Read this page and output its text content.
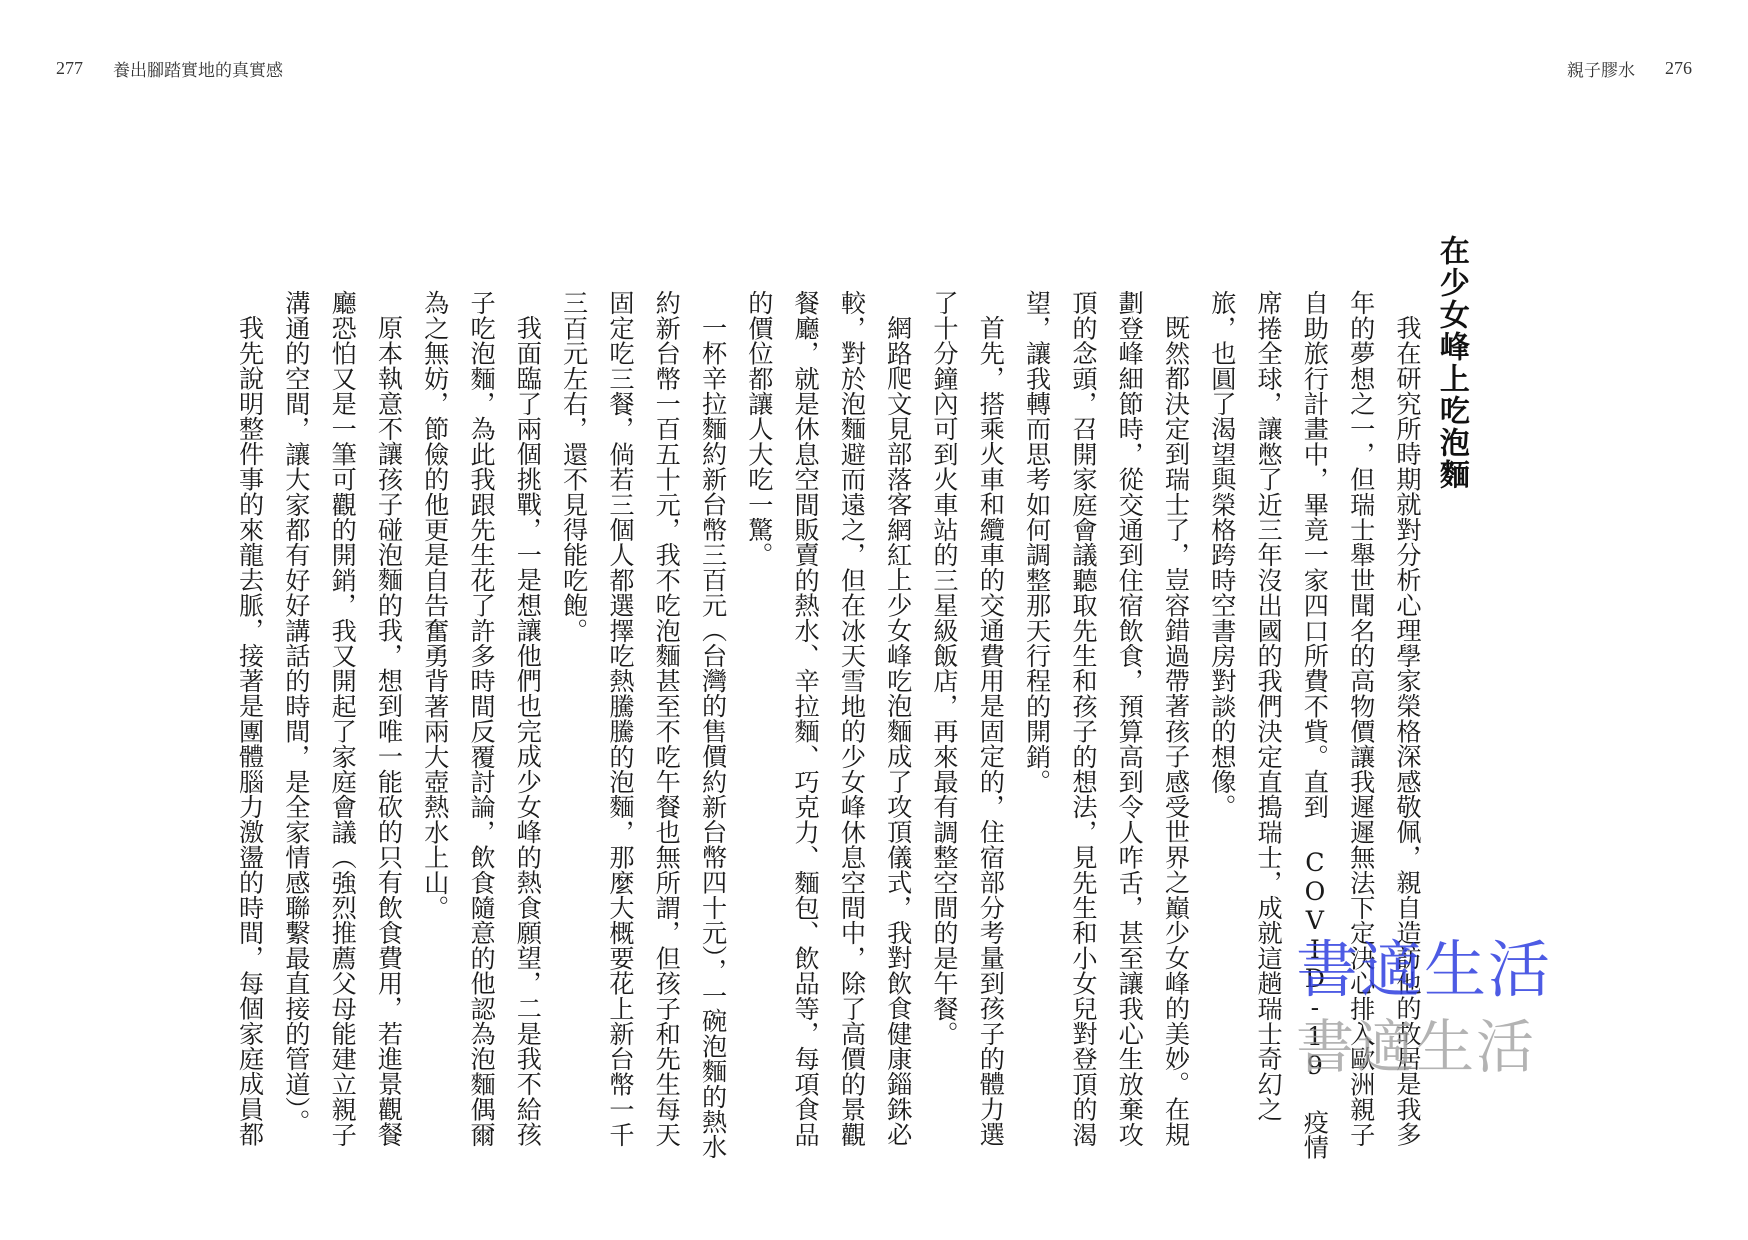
277 養出腳踏實地的真實感	親子膠水 276
在少女峰上吃泡麵

我在研究所時期就對分析心理學家榮格深感敬佩，親自造訪他的故居是我多年的夢想之一，但瑞士舉世聞名的高物價讓我遲遲無法下定決心排入歐洲親子自助旅行計畫中，畢竟一家四口所費不貲。直到 COVID-19 疫情席捲全球，讓憋了近三年沒出國的我們決定直搗瑞士，成就這趟瑞士奇幻之旅，也圓了渴望與榮格跨時空書房對談的想像。

既然都決定到瑞士了，豈容錯過帶著孩子感受世界之巔少女峰的美妙。在規劃登峰細節時，從交通到住宿飲食，預算高到令人咋舌，甚至讓我心生放棄攻頂的念頭，召開家庭會議聽取先生和孩子的想法，見先生和小女兒對登頂的渴望，讓我轉而思考如何調整那天行程的開銷。

首先，搭乘火車和纜車的交通費用是固定的，住宿部分考量到孩子的體力選了十分鐘內可到火車站的三星級飯店，再來最有調整空間的是午餐。

網路爬文見部落客網紅上少女峰吃泡麵成了攻頂儀式，我對飲食健康錙銖必較，對於泡麵避而遠之，但在冰天雪地的少女峰休息空間中，除了高價的景觀餐廳，就是休息空間販賣的熱水、辛拉麵、巧克力、麵包、飲品等，每項食品的價位都讓人大吃一驚。

一杯辛拉麵約新台幣三百元（台灣的售價約新台幣四十元），一碗泡麵的熱水約新台幣一百五十元，我不吃泡麵甚至不吃午餐也無所謂，但孩子和先生每天固定吃三餐，倘若三個人都選擇吃熱騰騰的泡麵，那麼大概要花上新台幣一千三百元左右，還不見得能吃飽。

我面臨了兩個挑戰，一是想讓他們也完成少女峰的熱食願望，二是我不給孩子吃泡麵，為此我跟先生花了許多時間反覆討論，飲食隨意的他認為泡麵偶爾為之無妨，節儉的他更是自告奮勇背著兩大壺熱水上山。

原本執意不讓孩子碰泡麵的我，想到唯一能砍的只有飲食費用，若進景觀餐廳恐怕又是一筆可觀的開銷，我又開起了家庭會議（強烈推薦父母能建立親子溝通的空間，讓大家都有好好講話的時間，是全家情感聯繫最直接的管道）。

我先說明整件事的來龍去脈，接著是團體腦力激盪的時間，每個家庭成員都	書適生活
書適生活
